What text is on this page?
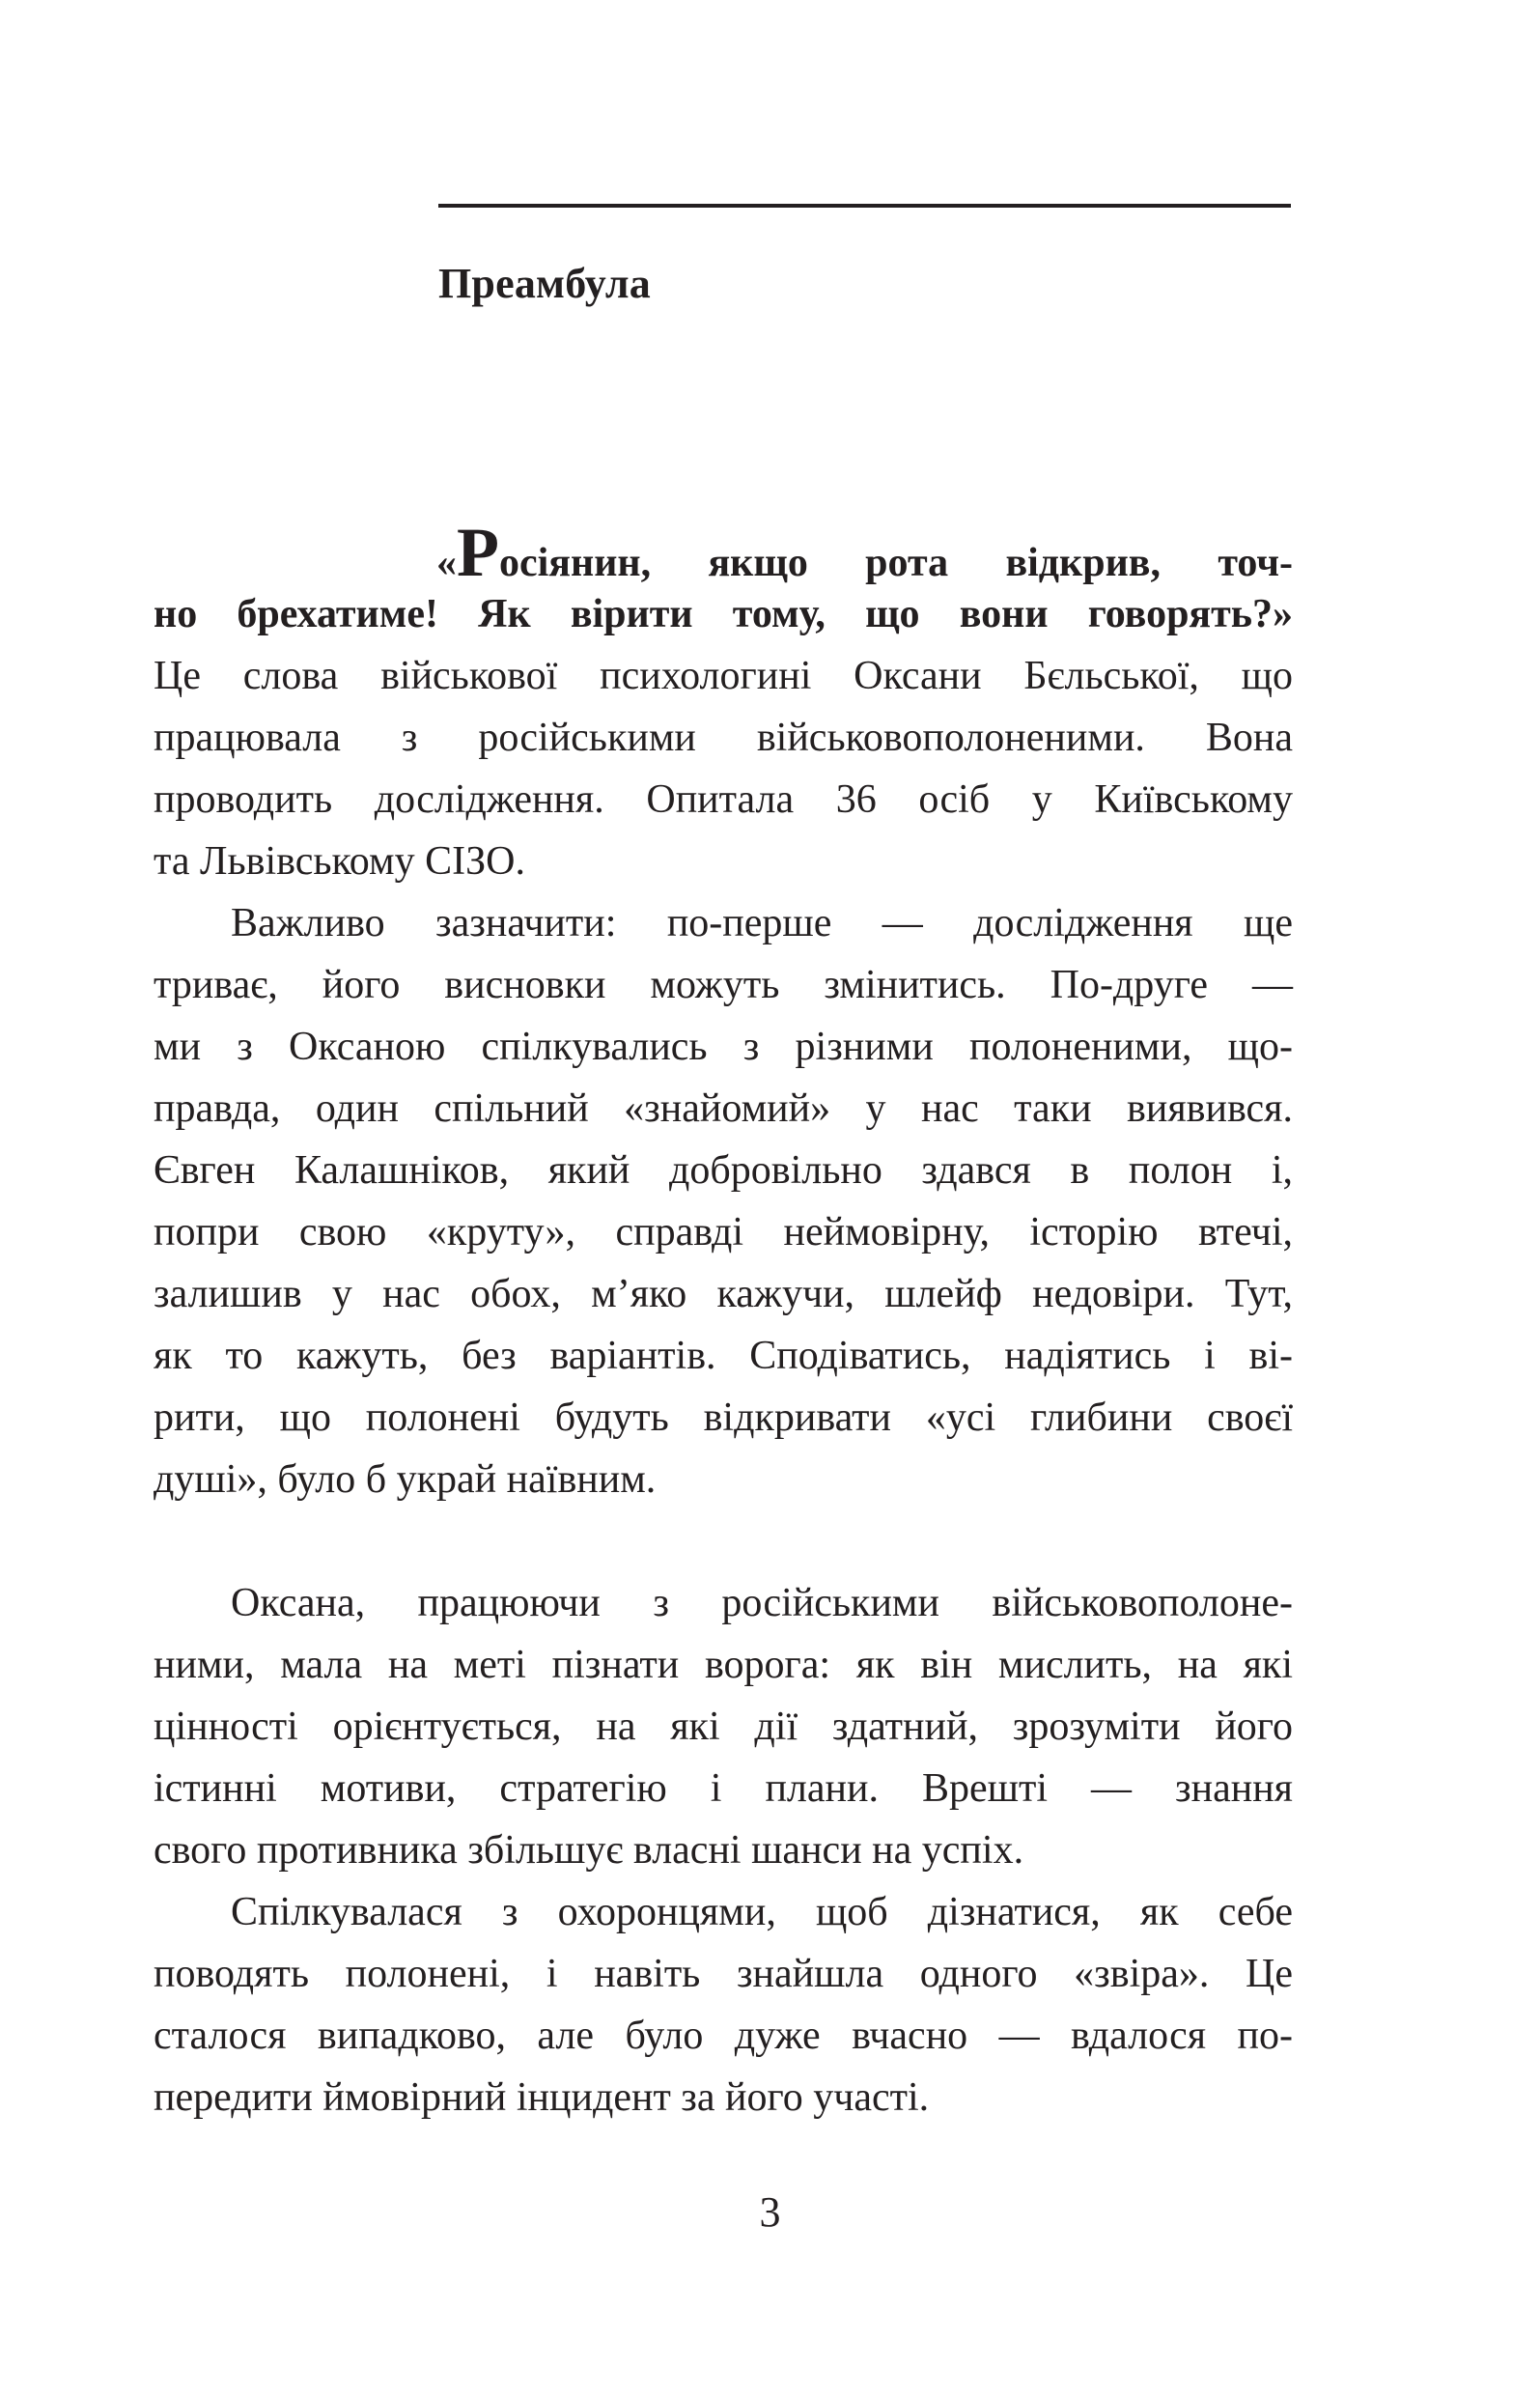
Преамбула
«Росіянин, якщо рота відкрив, точ-
но брехатиме! Як вірити тому, що вони говорять?»
Це слова військової психологині Оксани Бєльської, що
працювала з російськими військовополоненими. Вона
проводить дослідження. Опитала 36 осіб у Київському
та Львівському СІЗО.
Важливо зазначити: по-перше — дослідження ще
триває, його висновки можуть змінитись. По-друге —
ми з Оксаною спілкувались з різними полоненими, що-
правда, один спільний «знайомий» у нас таки виявився.
Євген Калашніков, який добровільно здався в полон і,
попри свою «круту», справді неймовірну, історію втечі,
залишив у нас обох, м’яко кажучи, шлейф недовіри. Тут,
як то кажуть, без варіантів. Сподіватись, надіятись і ві-
рити, що полонені будуть відкривати «усі глибини своєї
душі», було б украй наївним.
Оксана, працюючи з російськими військовополоне-
ними, мала на меті пізнати ворога: як він мислить, на які
цінності орієнтується, на які дії здатний, зрозуміти його
істинні мотиви, стратегію і плани. Врешті — знання
свого противника збільшує власні шанси на успіх.
Спілкувалася з охоронцями, щоб дізнатися, як себе
поводять полонені, і навіть знайшла одного «звіра». Це
сталося випадково, але було дуже вчасно — вдалося по-
передити ймовірний інцидент за його участі.
3
